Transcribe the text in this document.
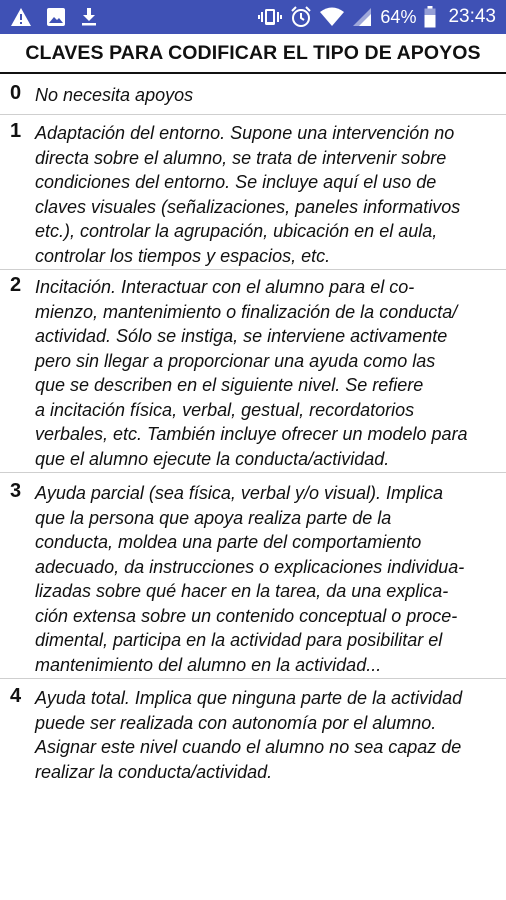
64% 23:43
CLAVES PARA CODIFICAR EL TIPO DE APOYOS
0 No necesita apoyos
1 Adaptación del entorno. Supone una intervención no
directa sobre el alumno, se trata de intervenir sobre
condiciones del entorno. Se incluye aquí el uso de
claves visuales (señalizaciones, paneles informativos
etc.), controlar la agrupación, ubicación en el aula,
controlar los tiempos y espacios, etc.
2 Incitación. Interactuar con el alumno para el co-
mienzo, mantenimiento o finalización de la conducta/
actividad. Sólo se instiga, se interviene activamente
pero sin llegar a proporcionar una ayuda como las
que se describen en el siguiente nivel. Se refiere
a incitación física, verbal, gestual, recordatorios
verbales, etc. También incluye ofrecer un modelo para
que el alumno ejecute la conducta/actividad.
3 Ayuda parcial (sea física, verbal y/o visual). Implica
que la persona que apoya realiza parte de la
conducta, moldea una parte del comportamiento
adecuado, da instrucciones o explicaciones individua-
lizadas sobre qué hacer en la tarea, da una explica-
ción extensa sobre un contenido conceptual o proce-
dimental, participa en la actividad para posibilitar el
mantenimiento del alumno en la actividad...
4 Ayuda total. Implica que ninguna parte de la actividad
puede ser realizada con autonomía por el alumno.
Asignar este nivel cuando el alumno no sea capaz de
realizar la conducta/actividad.
